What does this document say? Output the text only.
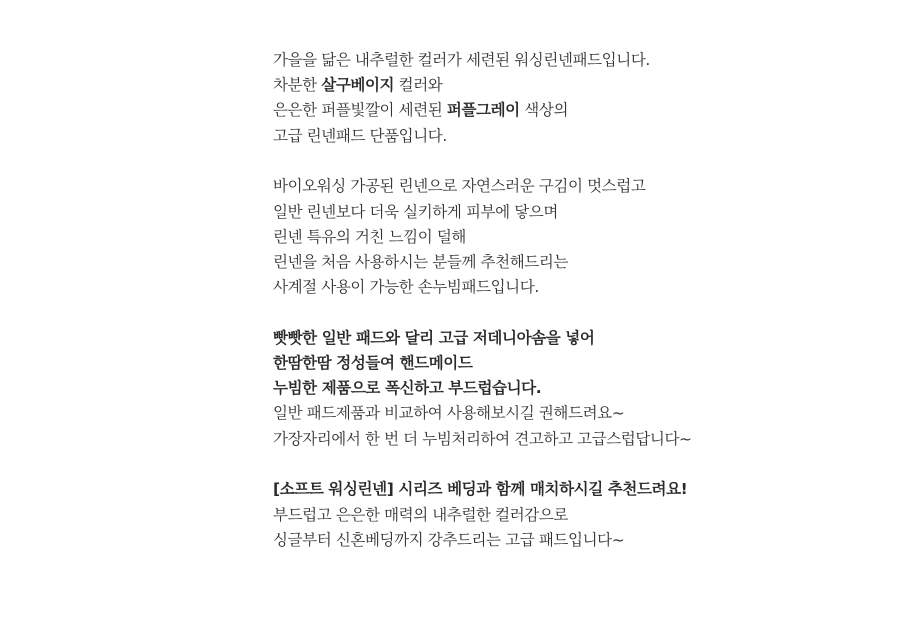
가을을 닮은 내추럴한 컬러가 세련된 워싱린넨패드입니다.
차분한 살구베이지 컬러와
은은한 퍼플빛깔이 세련된 퍼플그레이 색상의
고급 린넨패드 단품입니다.
바이오워싱 가공된 린넨으로 자연스러운 구김이 멋스럽고
일반 린넨보다 더욱 실키하게 피부에 닿으며
린넨 특유의 거친 느낌이 덜해
린넨을 처음 사용하시는 분들께 추천해드리는
사계절 사용이 가능한 손누빔패드입니다.
빳빳한 일반 패드와 달리 고급 저데니아솜을 넣어
한땀한땀 정성들여 핸드메이드
누빔한 제품으로 폭신하고 부드럽습니다.
일반 패드제품과 비교하여 사용해보시길 권해드려요~
가장자리에서 한 번 더 누빔처리하여 견고하고 고급스럽답니다~
[소프트 워싱린넨] 시리즈 베딩과 함께 매치하시길 추천드려요!
부드럽고 은은한 매력의 내추럴한 컬러감으로
싱글부터 신혼베딩까지 강추드리는 고급 패드입니다~
